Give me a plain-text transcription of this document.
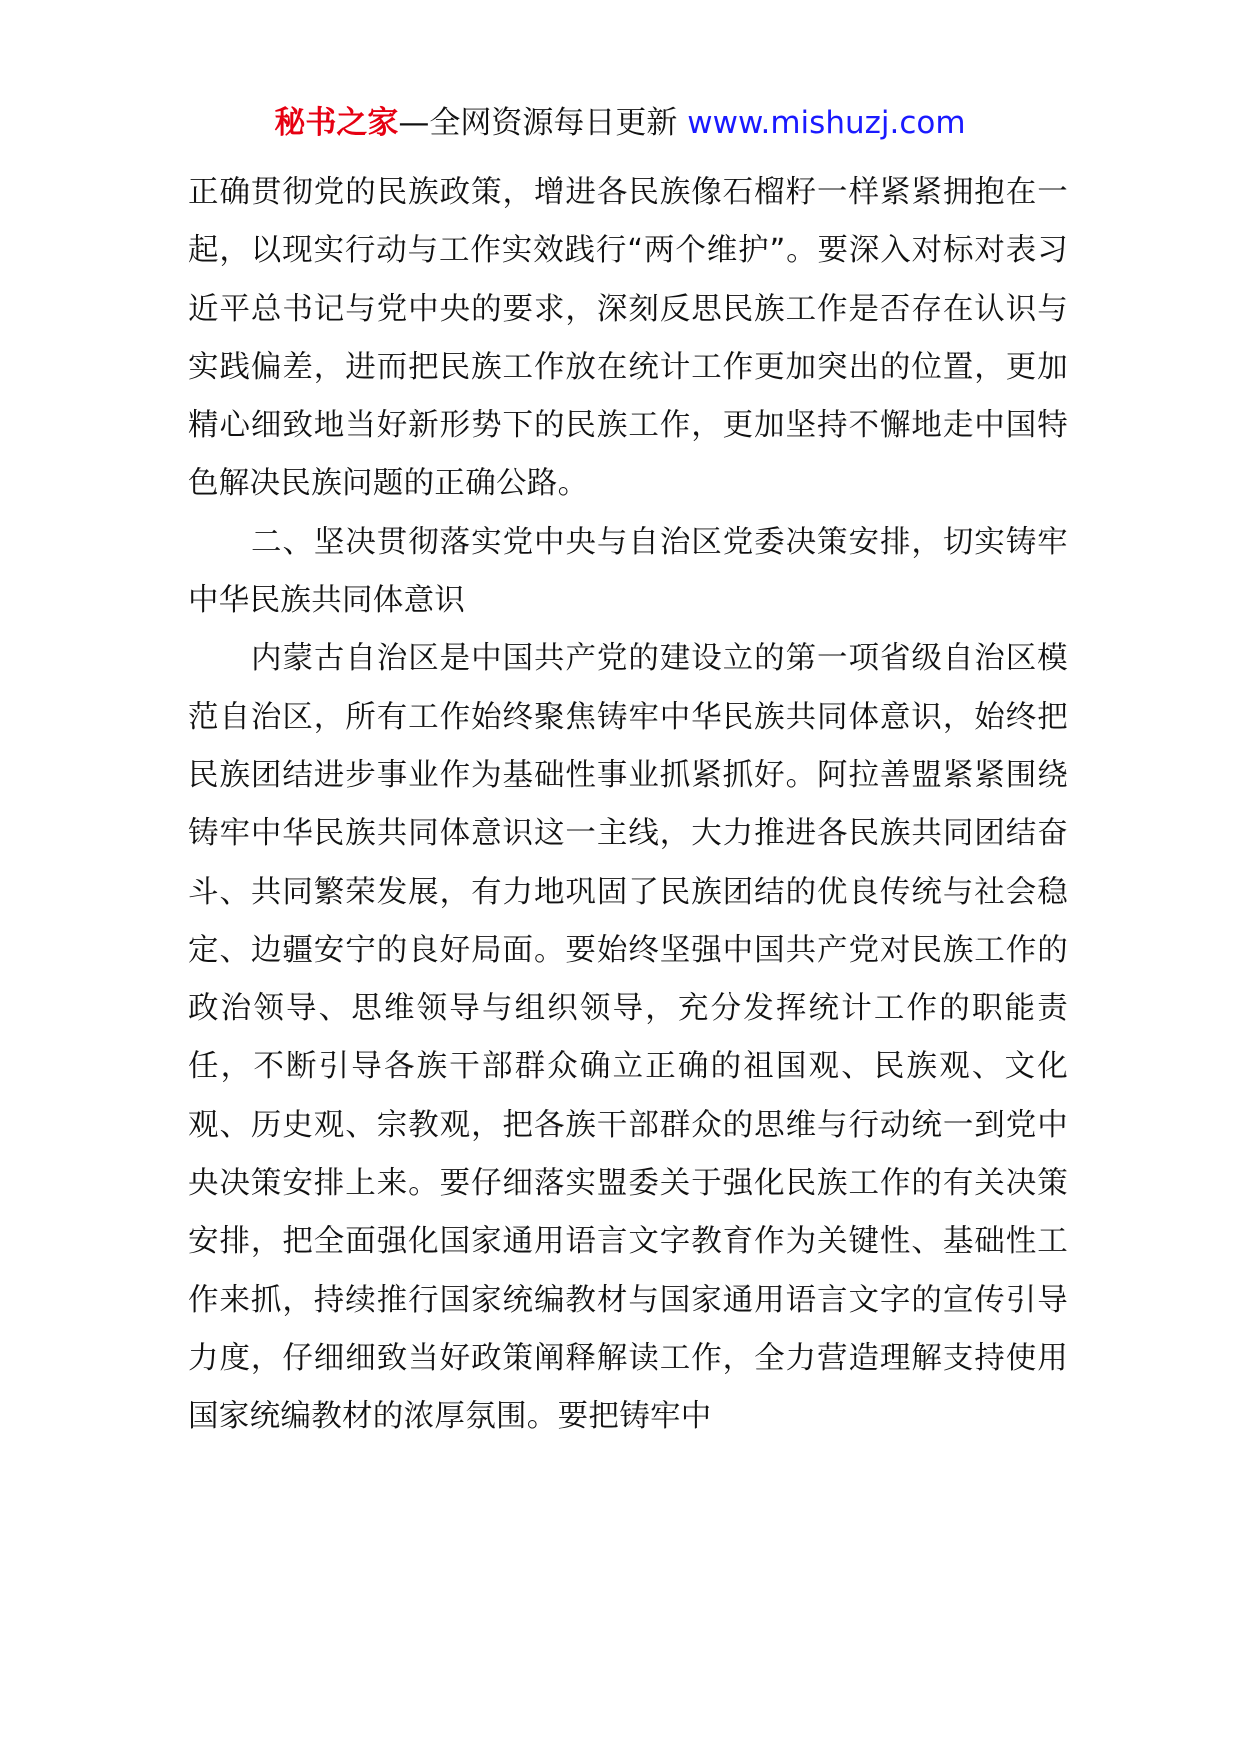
秘书之家—全网资源每日更新 www.mishuzj.com

正确贯彻党的民族政策，增进各民族像石榴籽一样紧紧拥抱在一起，以现实行动与工作实效践行“两个维护”。要深入对标对表习近平总书记与党中央的要求，深刻反思民族工作是否存在认识与实践偏差，进而把民族工作放在统计工作更加突出的位置，更加精心细致地当好新形势下的民族工作，更加坚持不懈地走中国特色解决民族问题的正确公路。

二、坚决贯彻落实党中央与自治区党委决策安排，切实铸牢中华民族共同体意识

内蒙古自治区是中国共产党的建设立的第一项省级自治区模范自治区，所有工作始终聚焦铸牢中华民族共同体意识，始终把民族团结进步事业作为基础性事业抓紧抓好。阿拉善盟紧紧围绕铸牢中华民族共同体意识这一主线，大力推进各民族共同团结奋斗、共同繁荣发展，有力地巩固了民族团结的优良传统与社会稳定、边疆安宁的良好局面。要始终坚强中国共产党对民族工作的政治领导、思维领导与组织领导，充分发挥统计工作的职能责任，不断引导各族干部群众确立正确的祖国观、民族观、文化观、历史观、宗教观，把各族干部群众的思维与行动统一到党中央决策安排上来。要仔细落实盟委关于强化民族工作的有关决策安排，把全面强化国家通用语言文字教育作为关键性、基础性工作来抓，持续推行国家统编教材与国家通用语言文字的宣传引导力度，仔细细致当好政策阐释解读工作，全力营造理解支持使用国家统编教材的浓厚氛围。要把铸牢中
